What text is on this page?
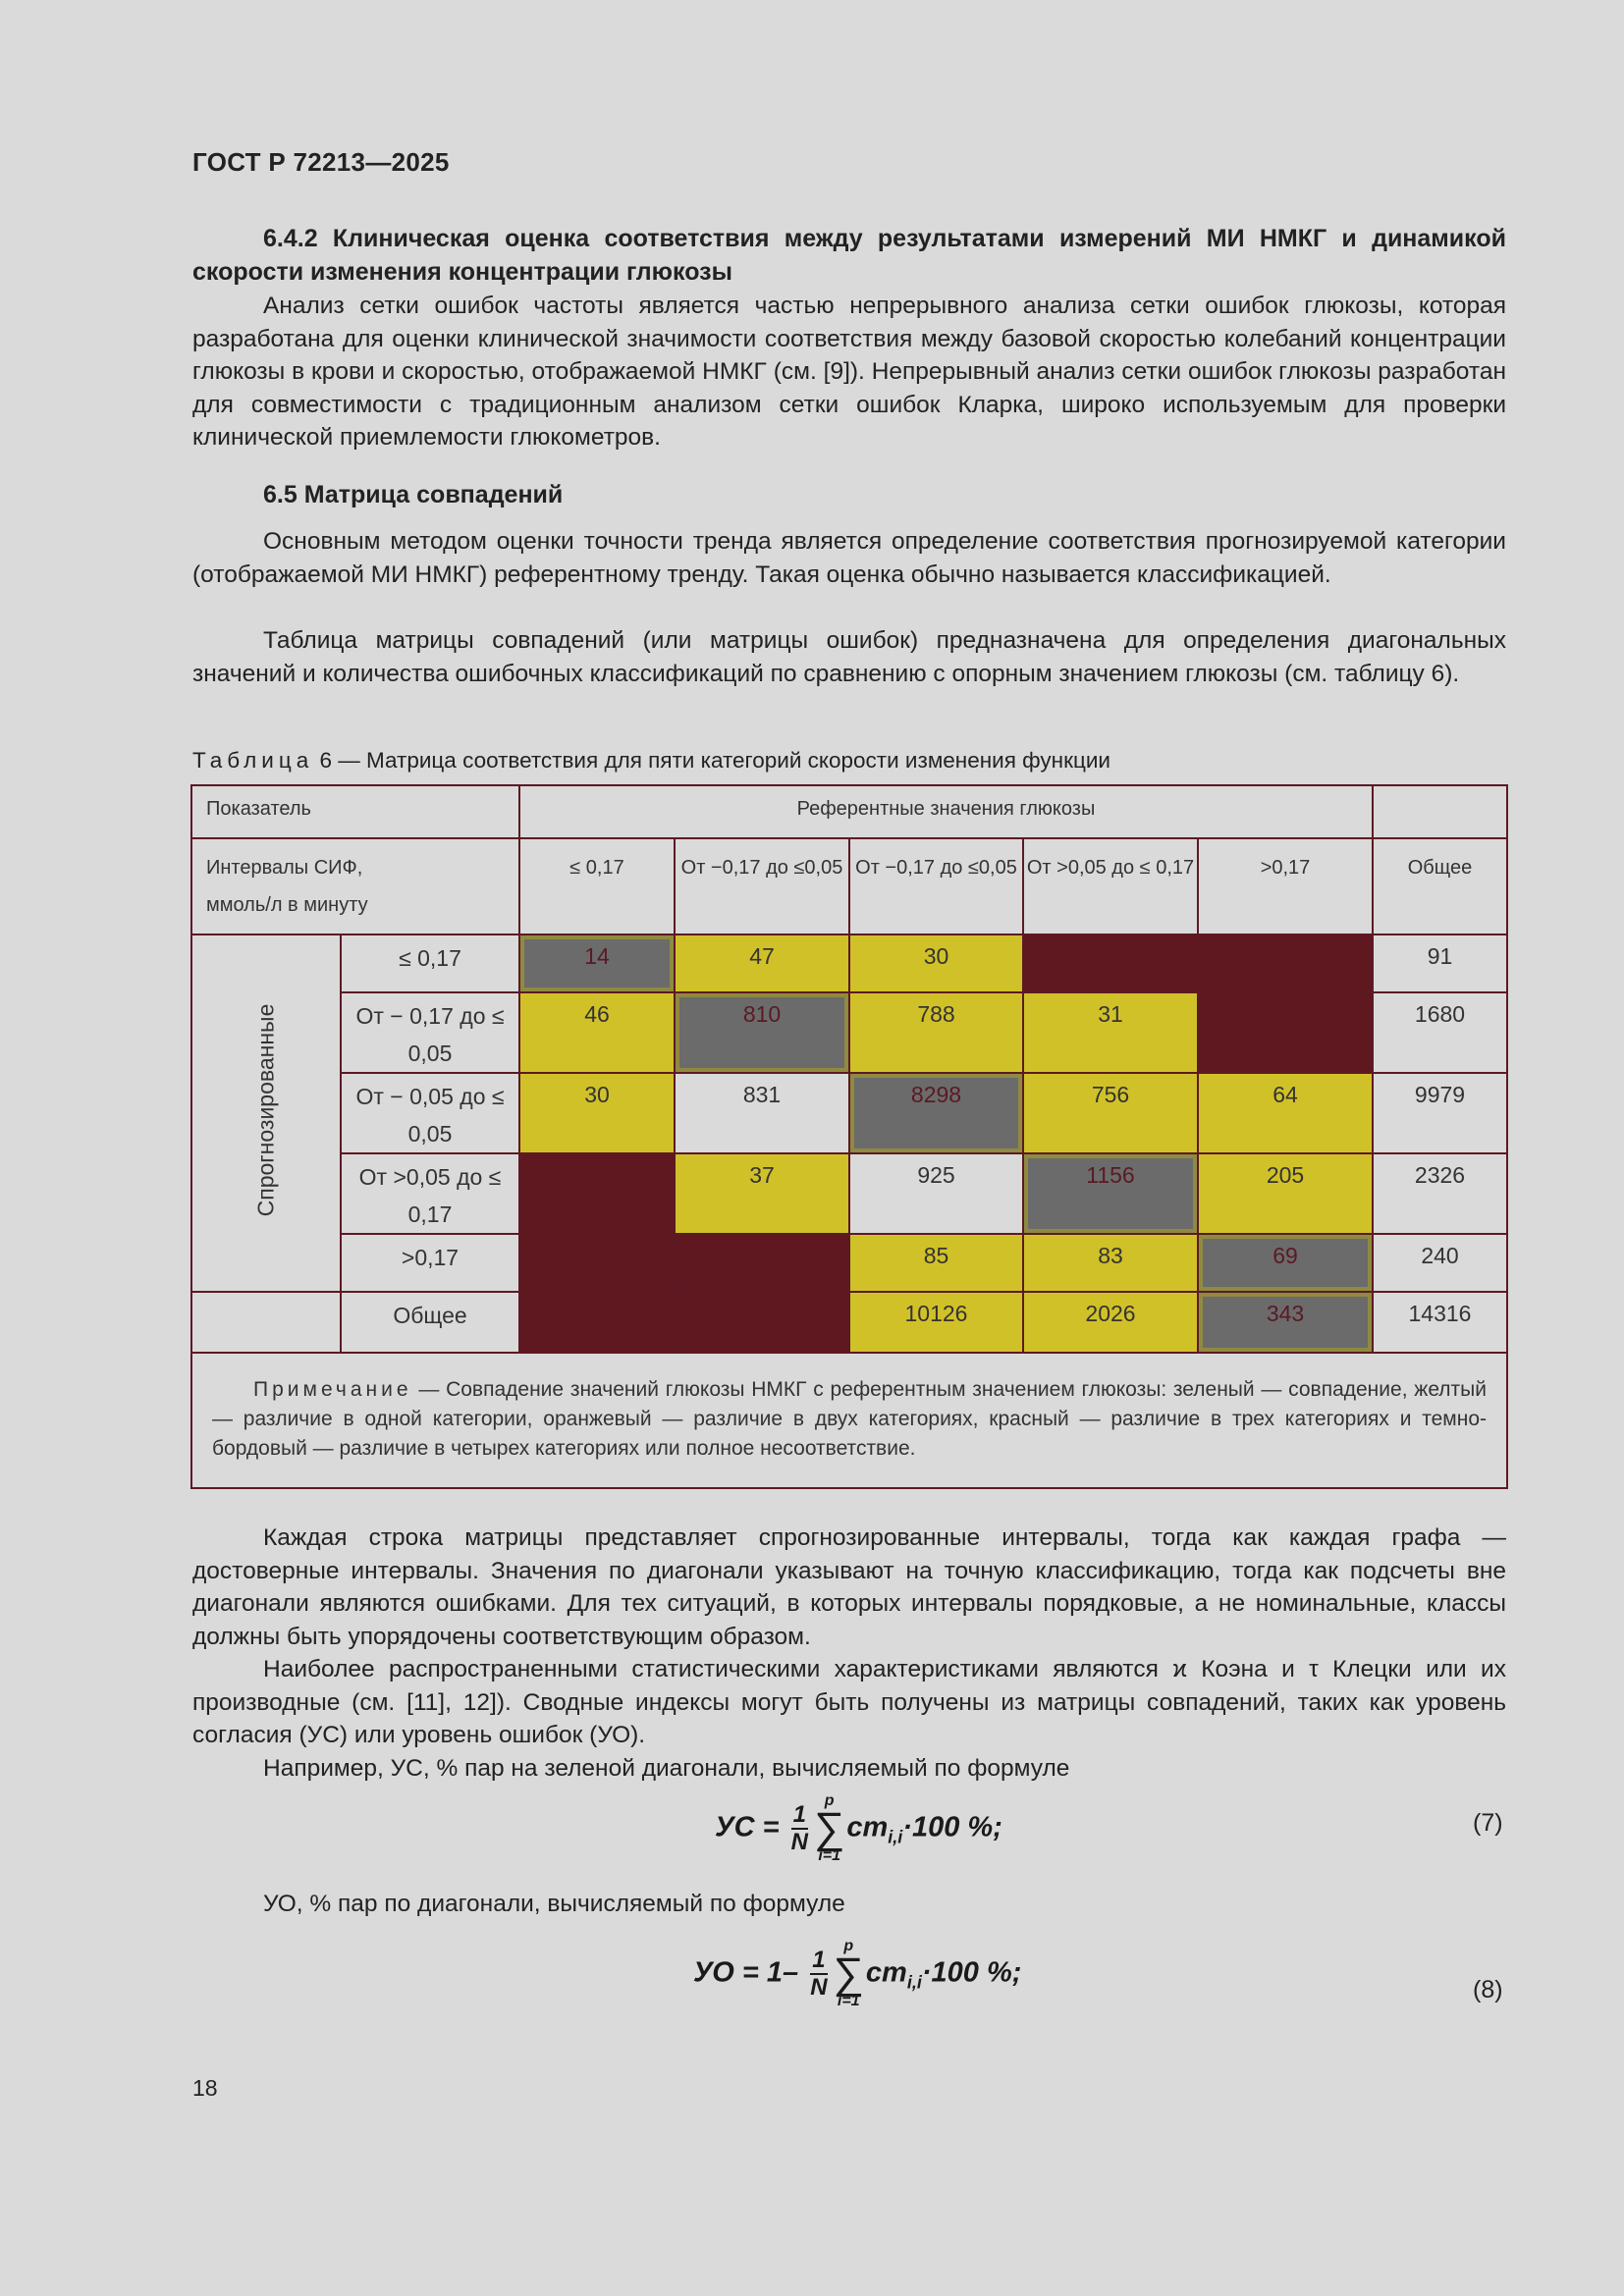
ГОСТ Р 72213—2025

6.4.2 Клиническая оценка соответствия между результатами измерений МИ НМКГ и динамикой скорости изменения концентрации глюкозы

Анализ сетки ошибок частоты является частью непрерывного анализа сетки ошибок глюкозы, которая разработана для оценки клинической значимости соответствия между базовой скоростью колебаний концентрации глюкозы в крови и скоростью, отображаемой НМКГ (см. [9]). Непрерывный анализ сетки ошибок глюкозы разработан для совместимости с традиционным анализом сетки ошибок Кларка, широко используемым для проверки клинической приемлемости глюкометров.

6.5 Матрица совпадений

Основным методом оценки точности тренда является определение соответствия прогнозируемой категории (отображаемой МИ НМКГ) референтному тренду. Такая оценка обычно называется классификацией.

Таблица матрицы совпадений (или матрицы ошибок) предназначена для определения диагональных значений и количества ошибочных классификаций по сравнению с опорным значением глюкозы (см. таблицу 6).

Таблица 6 — Матрица соответствия для пяти категорий скорости изменения функции
Показатель		Референтные значения глюкозы					
Интервалы СИФ, ммоль/л в минуту		≤ 0,17	От −0,17 до ≤0,05	От −0,17 до ≤0,05	От >0,05 до ≤ 0,17	>0,17	Общее

Спрогнозированные	≤ 0,17	14	47	30			91
	От − 0,17 до ≤ 0,05	46	810	788	31		1680
	От − 0,05 до ≤ 0,05	30	831	8298	756	64	9979
	От >0,05 до ≤ 0,17		37	925	1156	205	2326
	>0,17			85	83	69	240
	Общее			10126	2026	343	14316
Примечание — Совпадение значений глюкозы НМКГ с референтным значением глюкозы: зеленый — совпадение, желтый — различие в одной категории, оранжевый — различие в двух категориях, красный — различие в трех категориях и темно-бордовый — различие в четырех категориях или полное несоответствие.							

Каждая строка матрицы представляет спрогнозированные интервалы, тогда как каждая графа — достоверные интервалы. Значения по диагонали указывают на точную классификацию, тогда как подсчеты вне диагонали являются ошибками. Для тех ситуаций, в которых интервалы порядковые, а не номинальные, классы должны быть упорядочены соответствующим образом.

Наиболее распространенными статистическими характеристиками являются ϰ Коэна и τ Клецки или их производные (см. [11], 12]). Сводные индексы могут быть получены из матрицы совпадений, таких как уровень согласия (УС) или уровень ошибок (УО).

Например, УС, % пар на зеленой диагонали, вычисляемый по формуле

УС = $\frac{1}{N}$
p
∑
$i=1cm_{i,i}\cdot 100$ %;	(7)

УО, % пар по диагонали, вычисляемый по формуле

УО = $1- \frac{1}{N}$
p
∑
$i=1cm_{i,i}\cdot 100$ %;
(8)
18
